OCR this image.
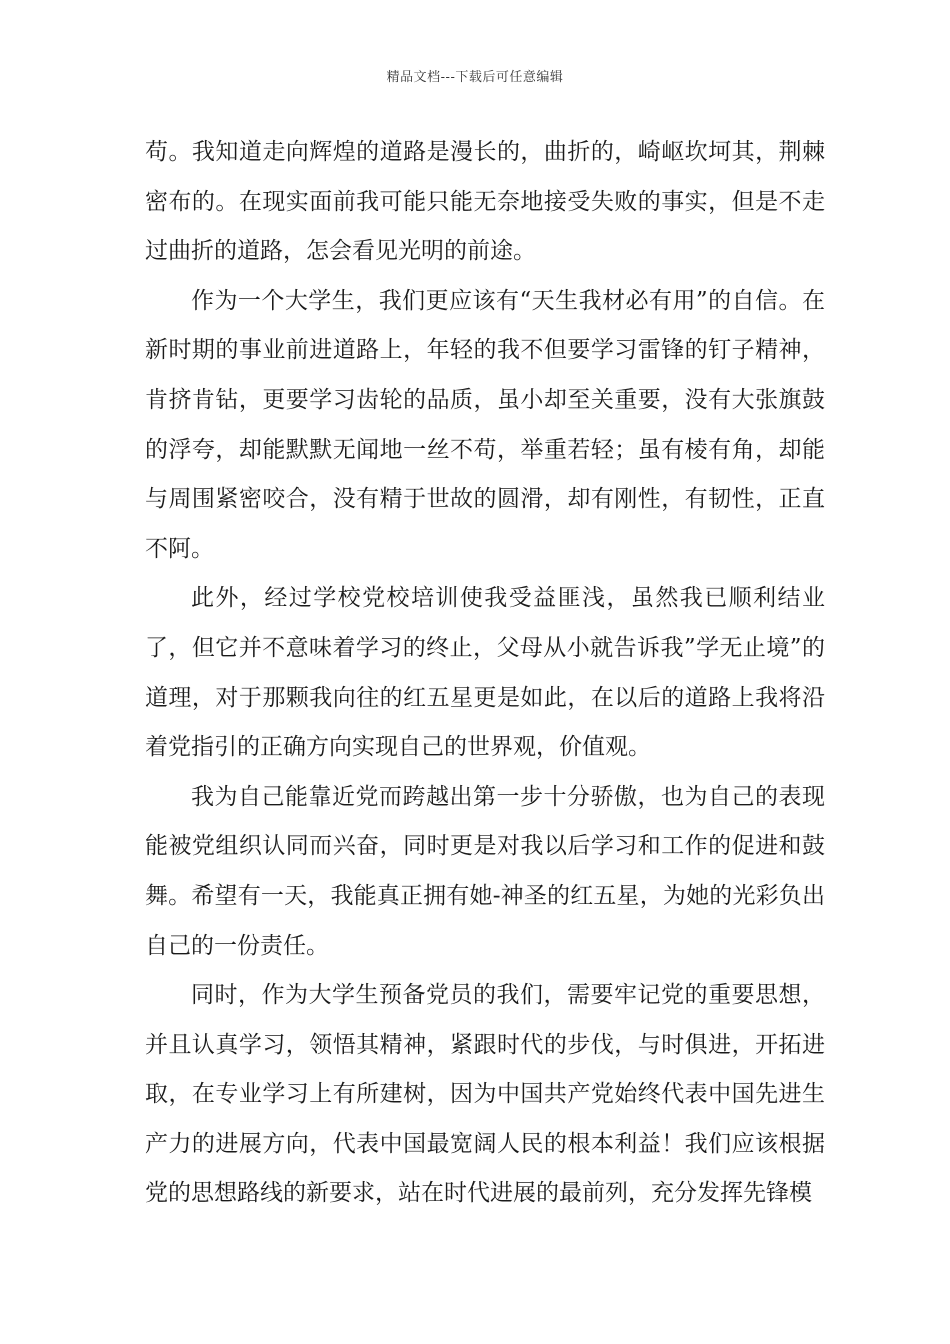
精品文档---下载后可任意编辑

苟。我知道走向辉煌的道路是漫长的，曲折的，崎岖坎坷其，荆棘密布的。在现实面前我可能只能无奈地接受失败的事实，但是不走过曲折的道路，怎会看见光明的前途。

作为一个大学生，我们更应该有“天生我材必有用”的自信。在新时期的事业前进道路上，年轻的我不但要学习雷锋的钉子精神，肯挤肯钻，更要学习齿轮的品质，虽小却至关重要，没有大张旗鼓的浮夸，却能默默无闻地一丝不苟，举重若轻；虽有棱有角，却能与周围紧密咬合，没有精于世故的圆滑，却有刚性，有韧性，正直不阿。

此外，经过学校党校培训使我受益匪浅，虽然我已顺利结业了，但它并不意味着学习的终止，父母从小就告诉我”学无止境”的道理，对于那颗我向往的红五星更是如此，在以后的道路上我将沿着党指引的正确方向实现自己的世界观，价值观。

我为自己能靠近党而跨越出第一步十分骄傲，也为自己的表现能被党组织认同而兴奋，同时更是对我以后学习和工作的促进和鼓舞。希望有一天，我能真正拥有她-神圣的红五星，为她的光彩负出自己的一份责任。

同时，作为大学生预备党员的我们，需要牢记党的重要思想，并且认真学习，领悟其精神，紧跟时代的步伐，与时俱进，开拓进取，在专业学习上有所建树，因为中国共产党始终代表中国先进生产力的进展方向，代表中国最宽阔人民的根本利益！我们应该根据党的思想路线的新要求，站在时代进展的最前列，充分发挥先锋模
